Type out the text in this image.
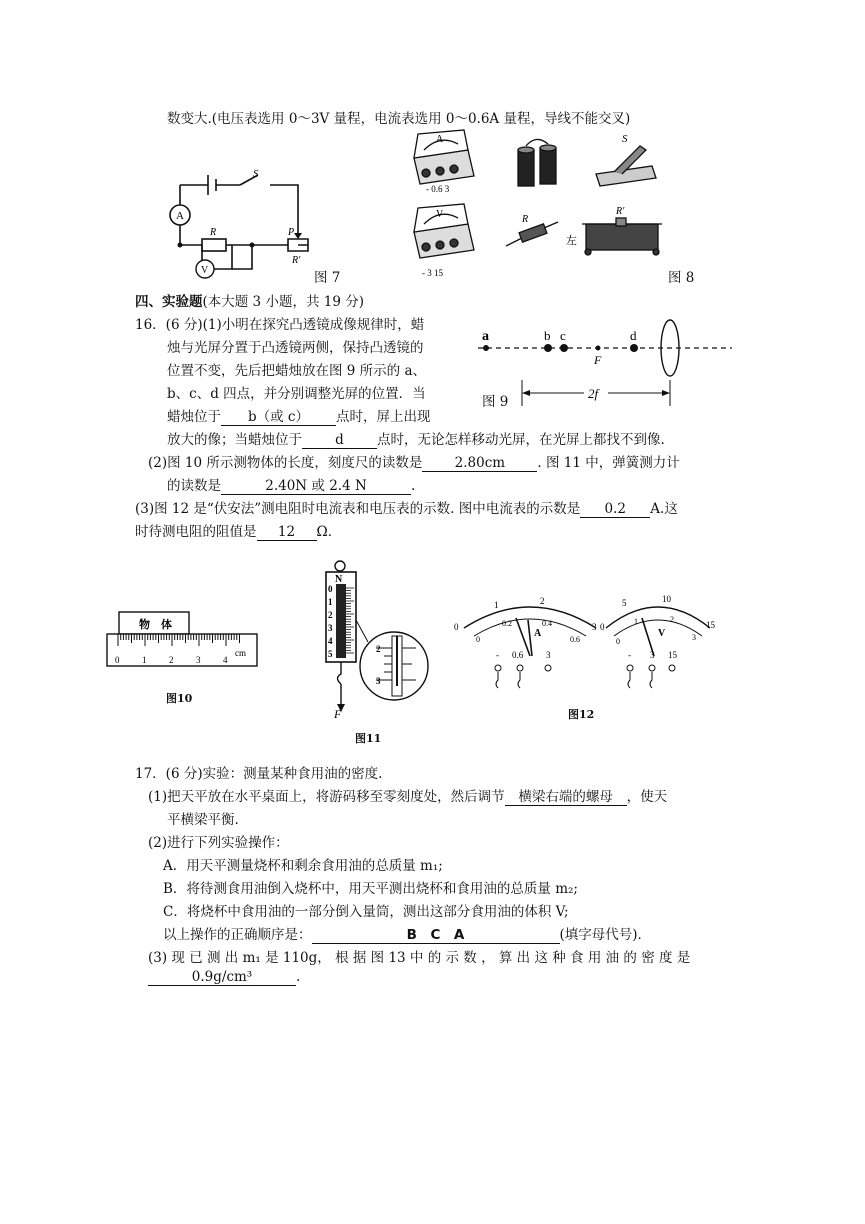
数变大.(电压表选用 0～3V 量程，电流表选用 0～0.6A 量程，导线不能交叉)
A
V
S
R	P
R′
图 7
A
- 0.6 3
V
- 3 15
S
R
R′
左
图 8
四、实验题(本大题 3 小题，共 19 分)
16．(6 分)(1)小明在探究凸透镜成像规律时，蜡
烛与光屏分置于凸透镜两侧，保持凸透镜的
位置不变，先后把蜡烛放在图 9 所示的 a、
b、c、d 四点，并分别调整光屏的位置．当
蜡烛位于 b（或 c） 点时，屏上出现
a	b c
F
d
2f
图 9
放大的像；当蜡烛位于 d 点时，无论怎样移动光屏，在光屏上都找不到像.
(2)图 10 所示测物体的长度，刻度尺的读数是 2.80cm . 图 11 中，弹簧测力计
的读数是	2.40N 或 2.4 N	.
(3)图 12 是“伏安法”测电阻时电流表和电压表的示数. 图中电流表的示数是 0.2 A.这
时待测电阻的阻值是 12 Ω．
物　体
cm
0	1	2	3	4
图10
N
0
1
2
3
4
5	2
3
F
图11
0
1	2
3
0
0.2	0.4
0.6
A
- 0.6	3
5	10
15
0
0
1	2
3
V
- 3 15
图12
17．(6 分)实验：测量某种食用油的密度.
(1)把天平放在水平桌面上，将游码移至零刻度处，然后调节 横梁右端的螺母 ，使天
平横梁平衡.
(2)进行下列实验操作：
A．用天平测量烧杯和剩余食用油的总质量 m₁;
B．将待测食用油倒入烧杯中，用天平测出烧杯和食用油的总质量 m₂;
C．将烧杯中食用油的一部分倒入量筒，测出这部分食用油的体积 V;
以上操作的正确顺序是：	B　C　A	(填字母代号)．
(3) 现 已 测 出 m₁ 是 110g， 根 据 图 13 中 的 示 数 ， 算 出 这 种 食 用 油 的 密 度 是
0.9g/cm³	.
